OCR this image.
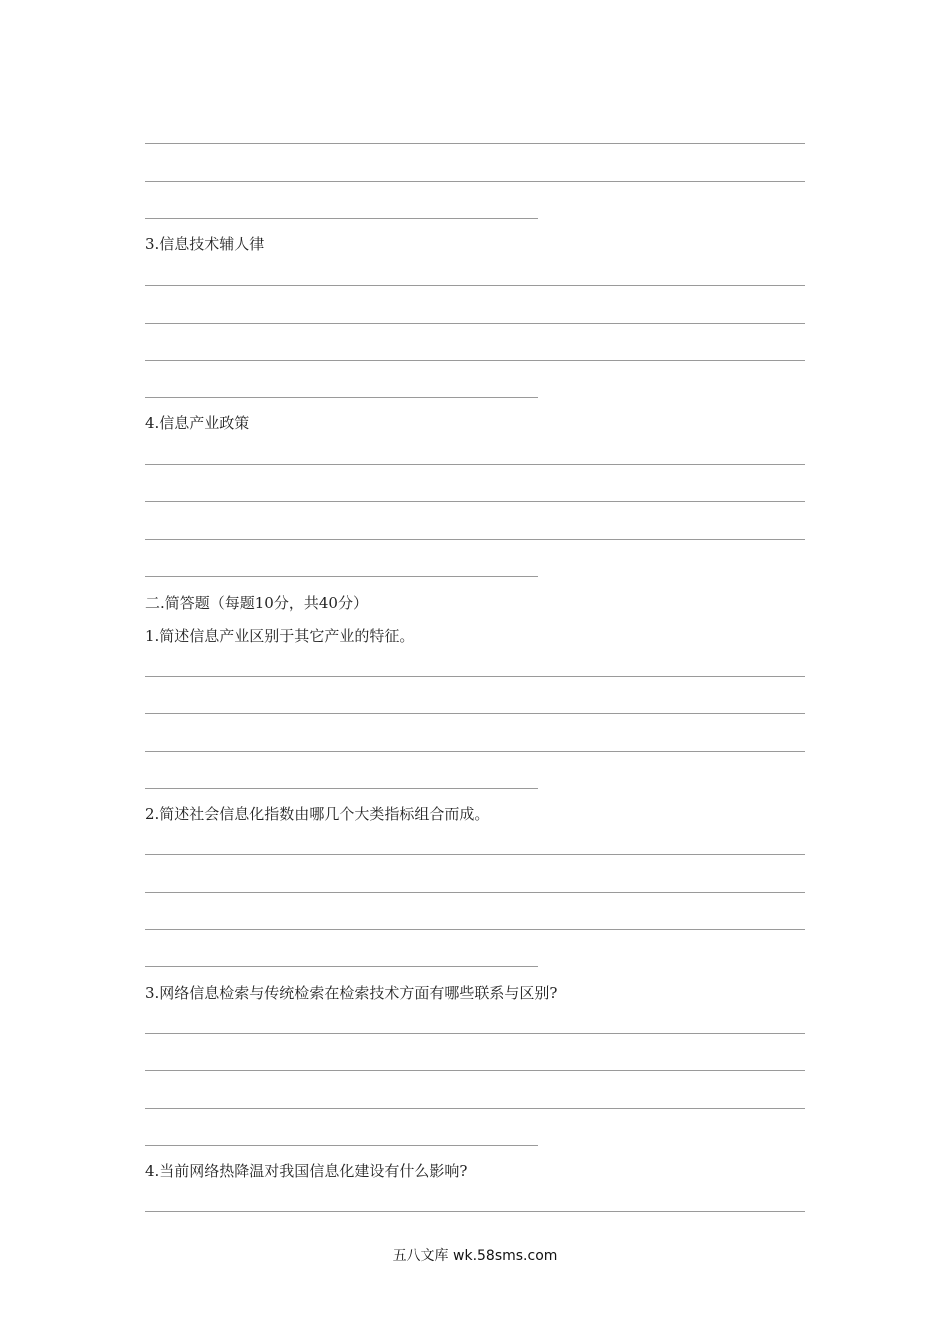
3.信息技术辅人律
4.信息产业政策
二.简答题（每题10分，共40分）
1.简述信息产业区别于其它产业的特征。
2.简述社会信息化指数由哪几个大类指标组合而成。
3.网络信息检索与传统检索在检索技术方面有哪些联系与区别?
4.当前网络热降温对我国信息化建设有什么影响?
五八文库 wk.58sms.com
